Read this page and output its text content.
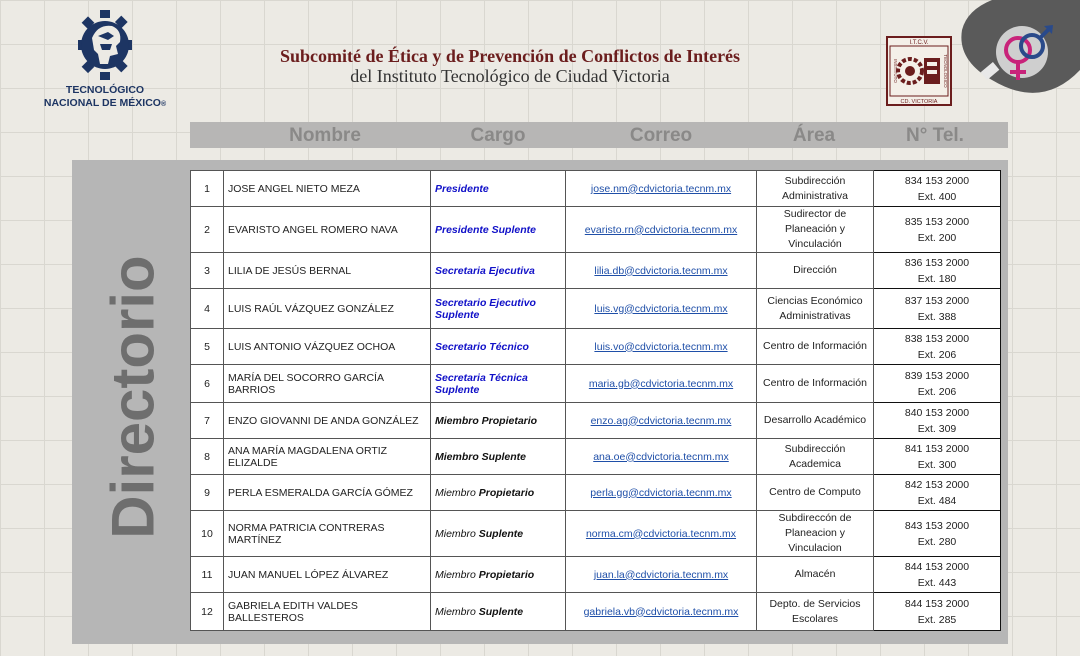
TECNOLÓGICO
NACIONAL DE MÉXICO®
Subcomité de Ética y de Prevención de Conflictos de Interés
del Instituto Tecnológico de Ciudad Victoria
I.T.C.V.
CD. VICTORIA
INSTITUTO	TECNOLOGICO
Nombre	Cargo	Correo	Área	N° Tel.
Directorio
1	JOSE ANGEL NIETO MEZA	Presidente	jose.nm@cdvictoria.tecnm.mx	Subdirección Administrativa	834 153 2000
Ext. 400

2	EVARISTO ANGEL ROMERO NAVA	Presidente Suplente	evaristo.rn@cdvictoria.tecnm.mx	Sudirector de Planeación y Vinculación	835 153 2000
Ext. 200

3	LILIA DE JESÚS BERNAL	Secretaria Ejecutiva	lilia.db@cdvictoria.tecnm.mx	Dirección	836 153 2000
Ext. 180

4	LUIS RAÚL VÁZQUEZ GONZÁLEZ	Secretario Ejecutivo Suplente	luis.vg@cdvictoria.tecnm.mx	Ciencias Económico Administrativas	837 153 2000
Ext. 388

5	LUIS ANTONIO VÁZQUEZ OCHOA	Secretario Técnico	luis.vo@cdvictoria.tecnm.mx	Centro de Información	838 153 2000
Ext. 206

6	MARÍA DEL SOCORRO GARCÍA BARRIOS	Secretaria Técnica Suplente	maria.gb@cdvictoria.tecnm.mx	Centro de Información	839 153 2000
Ext. 206

7	ENZO GIOVANNI DE ANDA GONZÁLEZ	Miembro Propietario	enzo.ag@cdvictoria.tecnm.mx	Desarrollo Académico	840 153 2000
Ext. 309

8	ANA MARÍA MAGDALENA ORTIZ ELIZALDE	Miembro Suplente	ana.oe@cdvictoria.tecnm.mx	Subdirección Academica	841 153 2000
Ext. 300

9	PERLA ESMERALDA GARCÍA GÓMEZ	Miembro Propietario	perla.gg@cdvictoria.tecnm.mx	Centro de Computo	842 153 2000
Ext. 484

10	NORMA PATRICIA CONTRERAS MARTÍNEZ	Miembro Suplente	norma.cm@cdvictoria.tecnm.mx	Subdireccón de Planeacion y Vinculacion	843 153 2000
Ext. 280

11	JUAN MANUEL LÓPEZ ÁLVAREZ	Miembro Propietario	juan.la@cdvictoria.tecnm.mx	Almacén	844 153 2000
Ext. 443

12	GABRIELA EDITH VALDES BALLESTEROS	Miembro Suplente	gabriela.vb@cdvictoria.tecnm.mx	Depto. de Servicios Escolares	844 153 2000
Ext. 285
